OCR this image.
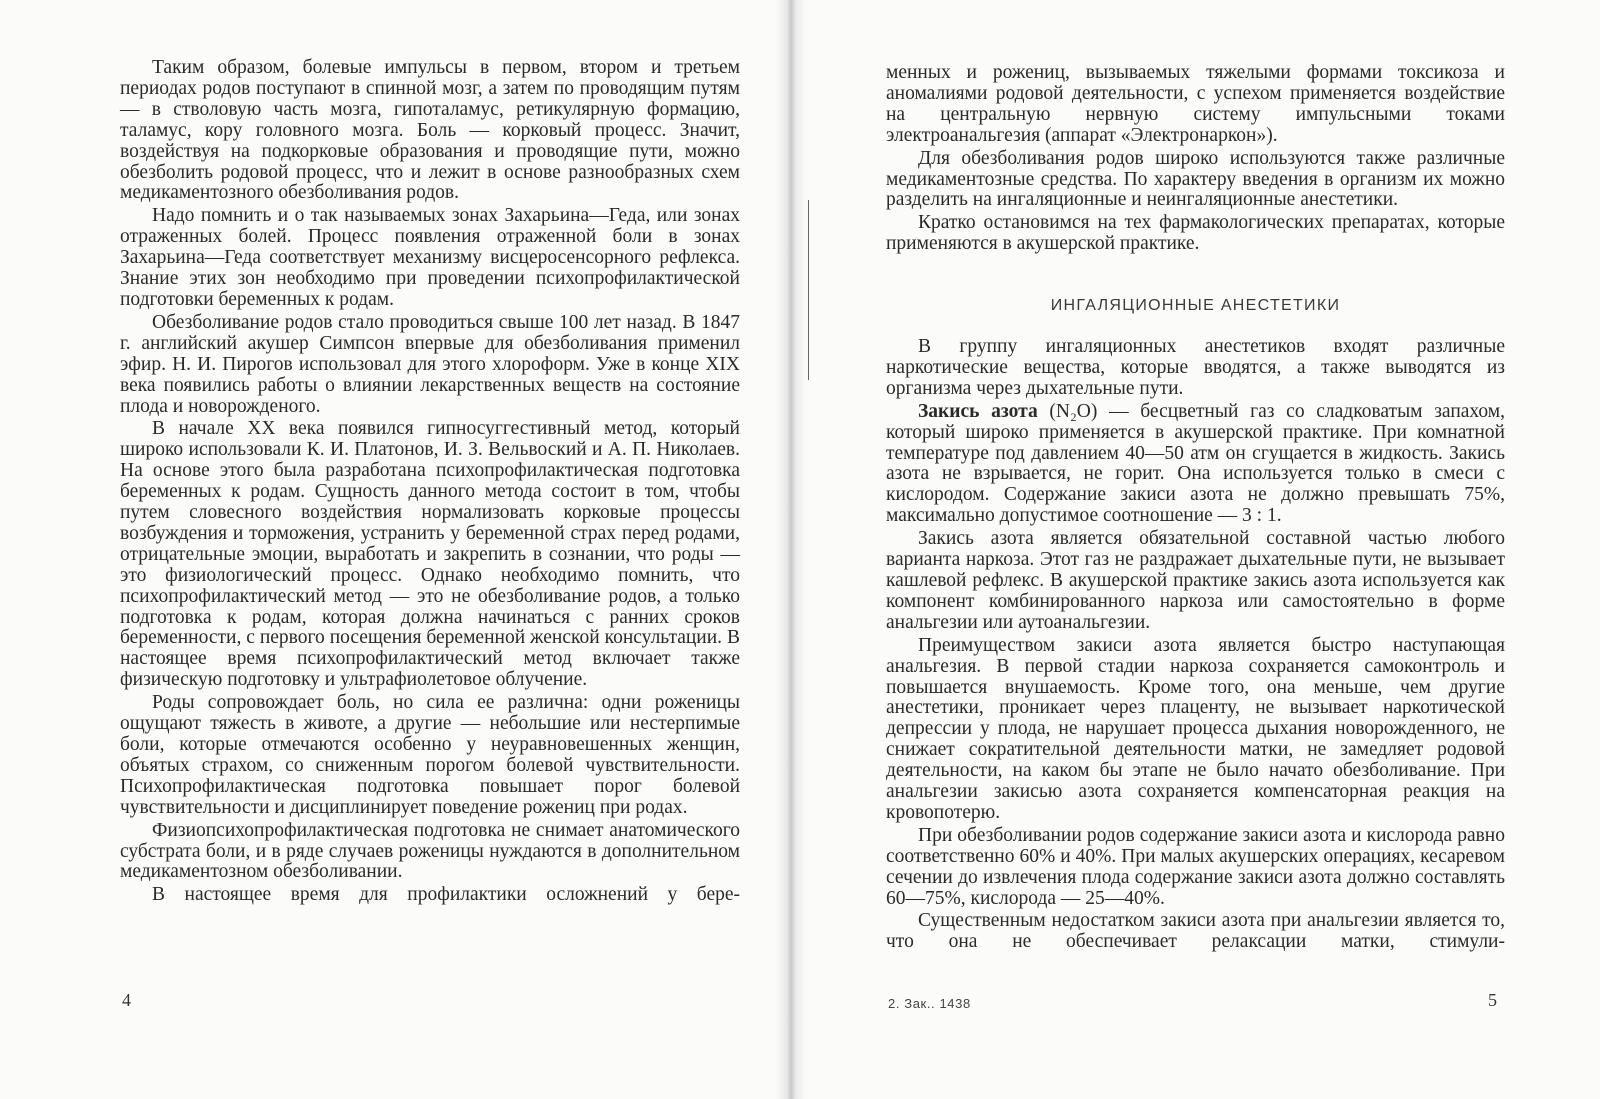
Таким образом, болевые импульсы в первом, втором и третьем периодах родов поступают в спинной мозг, а затем по проводящим путям — в стволовую часть мозга, гипоталамус, ретикулярную формацию, таламус, кору головного мозга. Боль — корковый процесс. Значит, воздействуя на подкорковые образования и проводящие пути, можно обезболить родовой процесс, что и лежит в основе разнообразных схем медикаментозного обезболивания родов.

Надо помнить и о так называемых зонах Захарьина—Геда, или зонах отраженных болей. Процесс появления отраженной боли в зонах Захарьина—Геда соответствует механизму висцеросенсорного рефлекса. Знание этих зон необходимо при проведении психопрофилактической подготовки беременных к родам.

Обезболивание родов стало проводиться свыше 100 лет назад. В 1847 г. английский акушер Симпсон впервые для обезболивания применил эфир. Н. И. Пирогов использовал для этого хлороформ. Уже в конце XIX века появились работы о влиянии лекарственных веществ на состояние плода и новорожденого.

В начале XX века появился гипносуггестивный метод, который широко использовали К. И. Платонов, И. З. Вельвоский и А. П. Николаев. На основе этого была разработана психопрофилактическая подготовка беременных к родам. Сущность данного метода состоит в том, чтобы путем словесного воздействия нормализовать корковые процессы возбуждения и торможения, устранить у беременной страх перед родами, отрицательные эмоции, выработать и закрепить в сознании, что роды — это физиологический процесс. Однако необходимо помнить, что психопрофилактический метод — это не обезболивание родов, а только подготовка к родам, которая должна начинаться с ранних сроков беременности, с первого посещения беременной женской консультации. В настоящее время психопрофилактический метод включает также физическую подготовку и ультрафиолетовое облучение.

Роды сопровождает боль, но сила ее различна: одни роженицы ощущают тяжесть в животе, а другие — небольшие или нестерпимые боли, которые отмечаются особенно у неуравновешенных женщин, объятых страхом, со сниженным порогом болевой чувствительности. Психопрофилактическая подготовка повышает порог болевой чувствительности и дисциплинирует поведение рожениц при родах.

Физиопсихопрофилактическая подготовка не снимает анатомического субстрата боли, и в ряде случаев роженицы нуждаются в дополнительном медикаментозном обезболивании.

В настоящее время для профилактики осложнений у бере-

4

менных и рожениц, вызываемых тяжелыми формами токсикоза и аномалиями родовой деятельности, с успехом применяется воздействие на центральную нервную систему импульсными токами электроанальгезия (аппарат «Электронаркон»).

Для обезболивания родов широко используются также различные медикаментозные средства. По характеру введения в организм их можно разделить на ингаляционные и неингаляционные анестетики.

Кратко остановимся на тех фармакологических препаратах, которые применяются в акушерской практике.

ИНГАЛЯЦИОННЫЕ АНЕСТЕТИКИ

В группу ингаляционных анестетиков входят различные наркотические вещества, которые вводятся, а также выводятся из организма через дыхательные пути.

Закись азота (N₂O) — бесцветный газ со сладковатым запахом, который широко применяется в акушерской практике. При комнатной температуре под давлением 40—50 атм он сгущается в жидкость. Закись азота не взрывается, не горит. Она используется только в смеси с кислородом. Содержание закиси азота не должно превышать 75%, максимально допустимое соотношение — 3 : 1.

Закись азота является обязательной составной частью любого варианта наркоза. Этот газ не раздражает дыхательные пути, не вызывает кашлевой рефлекс. В акушерской практике закись азота используется как компонент комбинированного наркоза или самостоятельно в форме анальгезии или аутоанальгезии.

Преимуществом закиси азота является быстро наступающая анальгезия. В первой стадии наркоза сохраняется самоконтроль и повышается внушаемость. Кроме того, она меньше, чем другие анестетики, проникает через плаценту, не вызывает наркотической депрессии у плода, не нарушает процесса дыхания новорожденного, не снижает сократительной деятельности матки, не замедляет родовой деятельности, на каком бы этапе не было начато обезболивание. При анальгезии закисью азота сохраняется компенсаторная реакция на кровопотерю.

При обезболивании родов содержание закиси азота и кислорода равно соответственно 60% и 40%. При малых акушерских операциях, кесаревом сечении до извлечения плода содержание закиси азота должно составлять 60—75%, кислорода — 25—40%.

Существенным недостатком закиси азота при анальгезии является то, что она не обеспечивает релаксации матки, стимули-

2. Зак.. 1438	5
